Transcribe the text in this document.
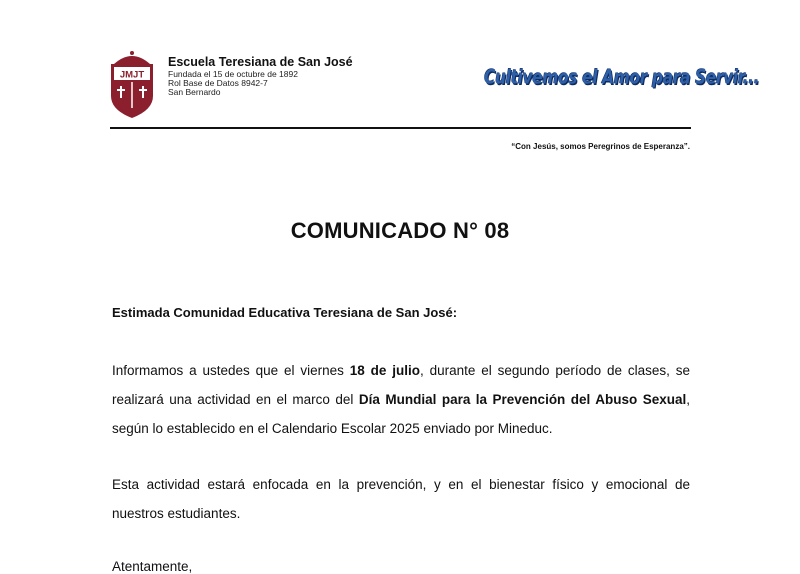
JMJT
Escuela Teresiana de San José
Fundada el 15 de octubre de 1892
Rol Base de Datos 8942-7
San Bernardo
Cultivemos el Amor para Servir...
“Con Jesús, somos Peregrinos de Esperanza”.
COMUNICADO N° 08
Estimada Comunidad Educativa Teresiana de San José:
Informamos a ustedes que el viernes 18 de julio, durante el segundo período de clases, se realizará una actividad en el marco del Día Mundial para la Prevención del Abuso Sexual, según lo establecido en el Calendario Escolar 2025 enviado por Mineduc.
Esta actividad estará enfocada en la prevención, y en el bienestar físico y emocional de nuestros estudiantes.
Atentamente,
